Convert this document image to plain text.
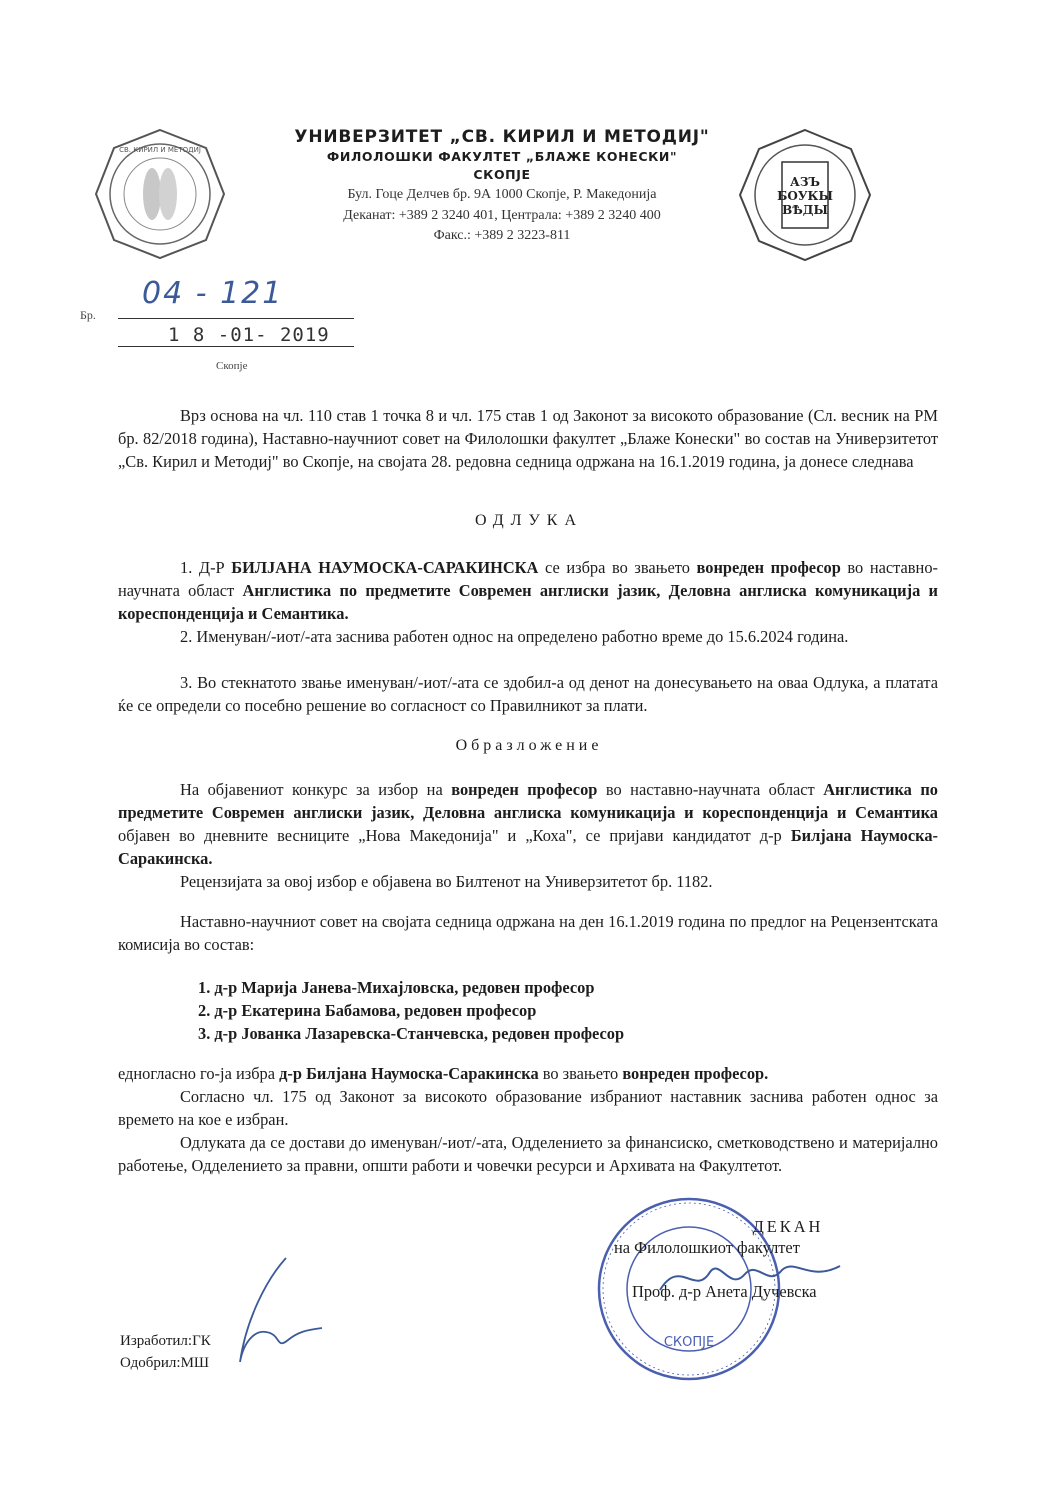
СВ. КИРИЛ И МЕТОДИЈ
УНИВЕРЗИТЕТ „СВ. КИРИЛ И МЕТОДИЈ"
ФИЛОЛОШКИ ФАКУЛТЕТ „БЛАЖЕ КОНЕСКИ"
СКОПЈЕ
Бул. Гоце Делчев бр. 9А 1000 Скопје, Р. Македонија
Деканат: +389 2 3240 401, Централа: +389 2 3240 400
Факс.: +389 2 3223-811
АЗЪ
БОУКЫ
ВѢДЫ
Бр.
04 - 121
1 8 -01- 2019
Скопје
Врз основа на чл. 110 став 1 точка 8 и чл. 175 став 1 од Законот за високото образование (Сл. весник на РМ бр. 82/2018 година), Наставно-научниот совет на Филолошки факултет „Блаже Конески" во состав на Универзитетот „Св. Кирил и Методиј" во Скопје, на својата 28. редовна седница одржана на 16.1.2019 година, ја донесе следнава
ОДЛУКА
1. Д-Р БИЛЈАНА НАУМОСКА-САРАКИНСКА се избра во звањето вонреден професор во наставно-научната област Англистика по предметите Современ англиски јазик, Деловна англиска комуникација и кореспонденција и Семантика.
2. Именуван/-иот/-ата заснива работен однос на определено работно време до 15.6.2024 година.
3. Во стекнатото звање именуван/-иот/-ата се здобил-а од денот на донесувањето на оваа Одлука, а платата ќе се определи со посебно решение во согласност со Правилникот за плати.
Образложение
На објавениот конкурс за избор на вонреден професор во наставно-научната област Англистика по предметите Современ англиски јазик, Деловна англиска комуникација и кореспонденција и Семантика објавен во дневните весниците „Нова Македонија" и „Коха", се пријави кандидатот д-р Билјана Наумоска-Саракинска.
Рецензијата за овој избор е објавена во Билтенот на Универзитетот бр. 1182.
Наставно-научниот совет на својата седница одржана на ден 16.1.2019 година по предлог на Рецензентската комисија во состав:
1. д-р Марија Јанева-Михајловска, редовен професор
2. д-р Екатерина Бабамова, редовен професор
3. д-р Јованка Лазаревска-Станчевска, редовен професор
едногласно го-ја избра д-р Билјана Наумоска-Саракинска во звањето вонреден професор.
Согласно чл. 175 од Законот за високото образование избраниот наставник заснива работен однос за времето на кое е избран.
Одлуката да се достави до именуван/-иот/-ата, Одделението за финансиско, сметководствено и материјално работење, Одделението за правни, општи работи и човечки ресурси и Архивата на Факултетот.
СКОПЈЕ
ДЕКАН
на Филолошкиот факултет
Проф. д-р Анета Дучевска
Изработил:ГК
Одобрил:МШ
